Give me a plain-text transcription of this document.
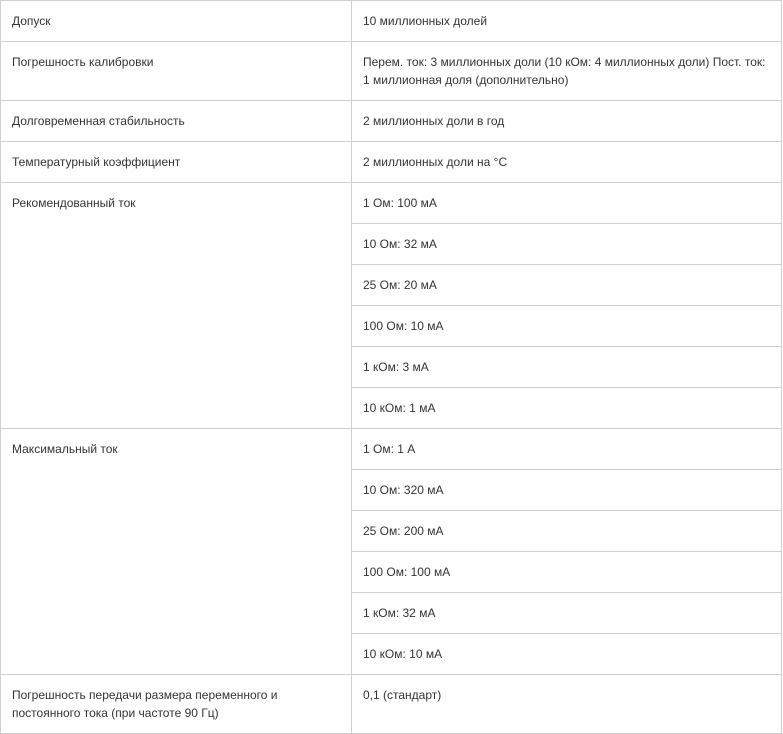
Допуск	10 миллионных долей
Погрешность калибровки	Перем. ток: 3 миллионных доли (10 кОм: 4 миллионных доли) Пост. ток: 1 миллионная доля (дополнительно)
Долговременная стабильность	2 миллионных доли в год
Температурный коэффициент	2 миллионных доли на °C
Рекомендованный ток	1 Ом: 100 мА
	10 Ом: 32 мА
	25 Ом: 20 мА
	100 Ом: 10 мА
	1 кОм: 3 мА
	10 кОм: 1 мА
Максимальный ток	1 Ом: 1 А
	10 Ом: 320 мА
	25 Ом: 200 мА
	100 Ом: 100 мА
	1 кОм: 32 мА
	10 кОм: 10 мА
Погрешность передачи размера переменного и постоянного тока (при частоте 90 Гц)	0,1 (стандарт)
